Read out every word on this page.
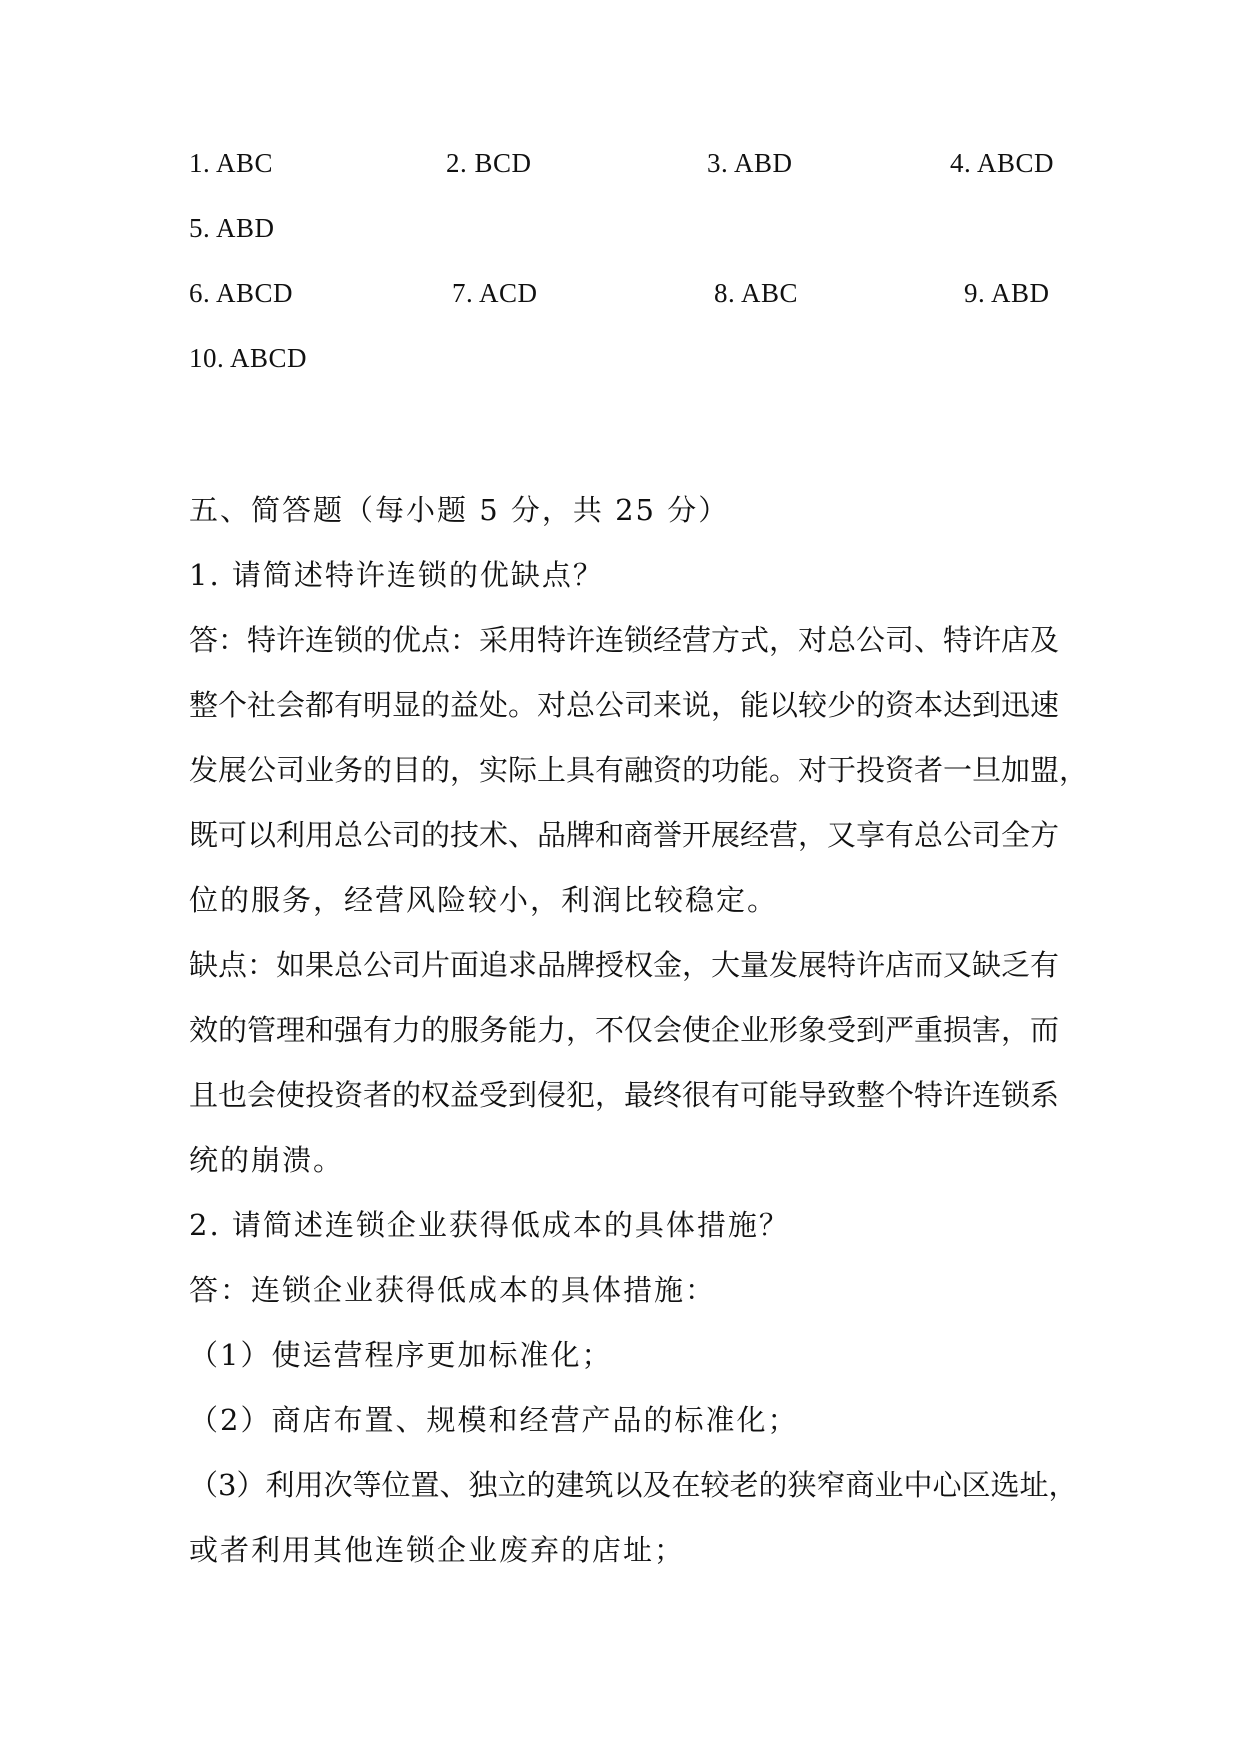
1. ABC	2. BCD	3. ABD	4. ABCD
5. ABD
6. ABCD	7. ACD	8. ABC	9. ABD
10. ABCD
五、简答题（每小题 5 分，共 25 分）
1. 请简述特许连锁的优缺点？
答：特许连锁的优点：采用特许连锁经营方式，对总公司、特许店及
整个社会都有明显的益处。对总公司来说，能以较少的资本达到迅速
发展公司业务的目的，实际上具有融资的功能。对于投资者一旦加盟，
既可以利用总公司的技术、品牌和商誉开展经营，又享有总公司全方
位的服务，经营风险较小，利润比较稳定。
缺点：如果总公司片面追求品牌授权金，大量发展特许店而又缺乏有
效的管理和强有力的服务能力，不仅会使企业形象受到严重损害，而
且也会使投资者的权益受到侵犯，最终很有可能导致整个特许连锁系
统的崩溃。
2. 请简述连锁企业获得低成本的具体措施？
答：连锁企业获得低成本的具体措施：
（1）使运营程序更加标准化；
（2）商店布置、规模和经营产品的标准化；
（3）利用次等位置、独立的建筑以及在较老的狭窄商业中心区选址，
或者利用其他连锁企业废弃的店址；
